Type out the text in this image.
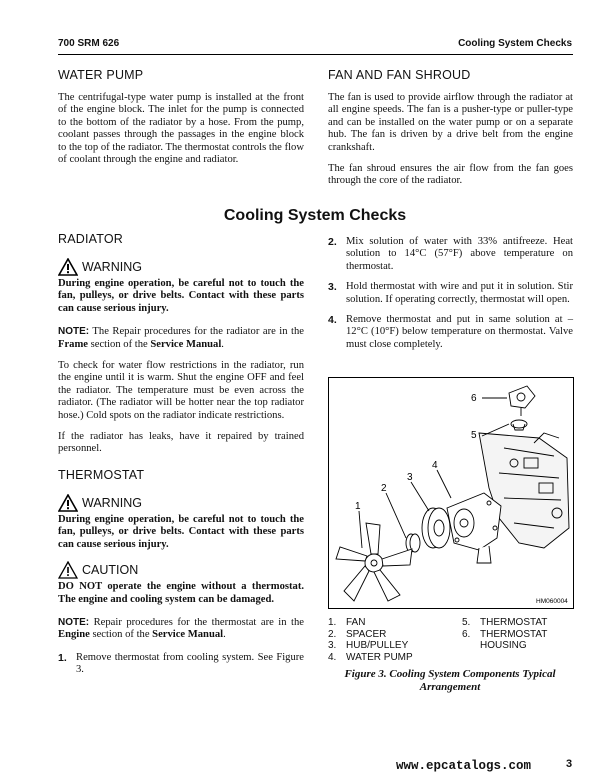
700 SRM 626	Cooling System Checks
WATER PUMP
The centrifugal-type water pump is installed at the front of the engine block. The inlet for the pump is connected to the bottom of the radiator by a hose. From the pump, coolant passes through the passages in the engine block to the top of the radiator. The thermostat controls the flow of coolant through the engine and radiator.
FAN AND FAN SHROUD
The fan is used to provide airflow through the radiator at all engine speeds. The fan is a pusher-type or puller-type and can be installed on the water pump or on a separate hub. The fan is driven by a drive belt from the engine crankshaft.
The fan shroud ensures the air flow from the fan goes through the core of the radiator.
Cooling System Checks
RADIATOR
WARNING
During engine operation, be careful not to touch the fan, pulleys, or drive belts. Contact with these parts can cause serious injury.
NOTE: The Repair procedures for the radiator are in the Frame section of the Service Manual.
To check for water flow restrictions in the radiator, run the engine until it is warm. Shut the engine OFF and feel the radiator. The temperature must be even across the radiator. (The radiator will be hotter near the top radiator hose.) Cold spots on the radiator indicate restrictions.
If the radiator has leaks, have it repaired by trained personnel.
THERMOSTAT
WARNING
During engine operation, be careful not to touch the fan, pulleys, or drive belts. Contact with these parts can cause serious injury.
CAUTION
DO NOT operate the engine without a thermostat. The engine and cooling system can be damaged.
NOTE: Repair procedures for the thermostat are in the Engine section of the Service Manual.
1. Remove thermostat from cooling system. See Figure 3.
2. Mix solution of water with 33% antifreeze. Heat solution to 14°C (57°F) above temperature on thermostat.
3. Hold thermostat with wire and put it in solution. Stir solution. If operating correctly, thermostat will open.
4. Remove thermostat and put in same solution at –12°C (10°F) below temperature on thermostat. Valve must close completely.
1
2
3
4
5
6
HM060004
1. FAN
2. SPACER
3. HUB/PULLEY
4. WATER PUMP
5. THERMOSTAT
6. THERMOSTAT
HOUSING
Figure 3. Cooling System Components Typical Arrangement
www.epcatalogs.com	3
